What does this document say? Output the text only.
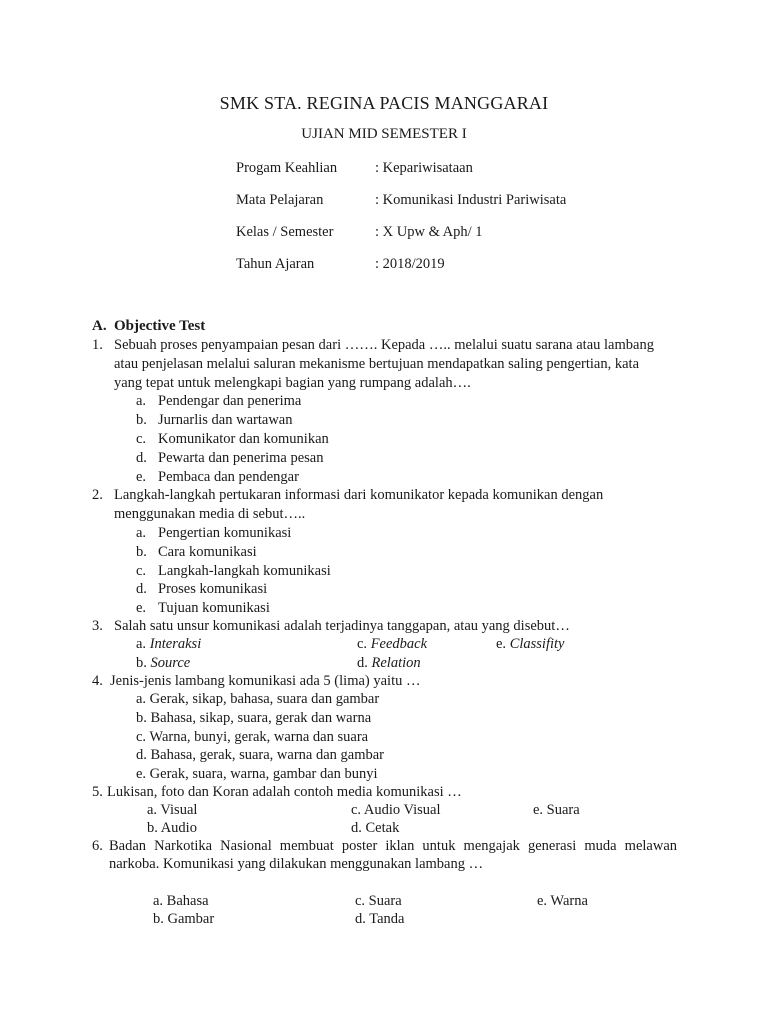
SMK STA. REGINA PACIS MANGGARAI
UJIAN MID SEMESTER I
Progam Keahlian	: Kepariwisataan
Mata Pelajaran	: Komunikasi Industri Pariwisata
Kelas / Semester	: X Upw & Aph/ 1
Tahun Ajaran	: 2018/2019
A. Objective Test
1. Sebuah proses penyampaian pesan dari ……. Kepada ….. melalui suatu sarana atau lambang
atau penjelasan melalui saluran mekanisme bertujuan mendapatkan saling pengertian, kata
yang tepat untuk melengkapi bagian yang rumpang adalah….
a. Pendengar dan penerima
b. Jurnarlis dan wartawan
c. Komunikator dan komunikan
d. Pewarta dan penerima pesan
e. Pembaca dan pendengar
2. Langkah-langkah pertukaran informasi dari komunikator kepada komunikan dengan
menggunakan media di sebut…..
a. Pengertian komunikasi
b. Cara komunikasi
c. Langkah-langkah komunikasi
d. Proses komunikasi
e. Tujuan komunikasi
3. Salah satu unsur komunikasi adalah terjadinya tanggapan, atau yang disebut…
a. Interaksi	c. Feedback	e. Classifity
b. Source	d. Relation
4. Jenis-jenis lambang komunikasi ada 5 (lima) yaitu …
a. Gerak, sikap, bahasa, suara dan gambar
b. Bahasa, sikap, suara, gerak dan warna
c. Warna, bunyi, gerak, warna dan suara
d. Bahasa, gerak, suara, warna dan gambar
e. Gerak, suara, warna, gambar dan bunyi
5. Lukisan, foto dan Koran adalah contoh media komunikasi …
a. Visual	c. Audio Visual	e. Suara
b. Audio	d. Cetak
6. Badan Narkotika Nasional membuat poster iklan untuk mengajak generasi muda melawan
narkoba. Komunikasi yang dilakukan menggunakan lambang …
a. Bahasa	c. Suara	e. Warna
b. Gambar	d. Tanda
